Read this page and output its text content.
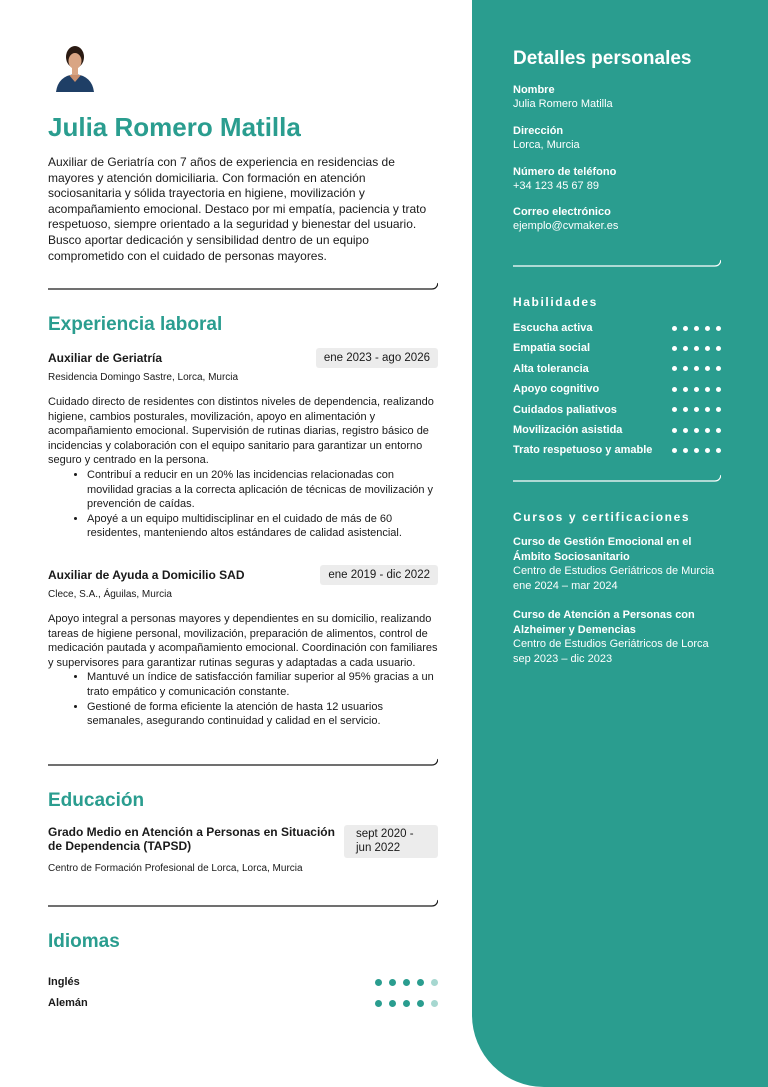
Julia Romero Matilla

Auxiliar de Geriatría con 7 años de experiencia en residencias de mayores y atención domiciliaria. Con formación en atención sociosanitaria y sólida trayectoria en higiene, movilización y acompañamiento emocional. Destaco por mi empatía, paciencia y trato respetuoso, siempre orientado a la seguridad y bienestar del usuario. Busco aportar dedicación y sensibilidad dentro de un equipo comprometido con el cuidado de personas mayores.

Experiencia laboral
Auxiliar de Geriatría	ene 2023 - ago 2026
Residencia Domingo Sastre, Lorca, Murcia
Cuidado directo de residentes con distintos niveles de dependencia, realizando higiene, cambios posturales, movilización, apoyo en alimentación y acompañamiento emocional. Supervisión de rutinas diarias, registro básico de incidencias y colaboración con el equipo sanitario para garantizar un entorno seguro y centrado en la persona.
• Contribuí a reducir en un 20% las incidencias relacionadas con movilidad gracias a la correcta aplicación de técnicas de movilización y prevención de caídas.
• Apoyé a un equipo multidisciplinar en el cuidado de más de 60 residentes, manteniendo altos estándares de calidad asistencial.
Auxiliar de Ayuda a Domicilio SAD	ene 2019 - dic 2022
Clece, S.A., Águilas, Murcia
Apoyo integral a personas mayores y dependientes en su domicilio, realizando tareas de higiene personal, movilización, preparación de alimentos, control de medicación pautada y acompañamiento emocional. Coordinación con familiares y supervisores para garantizar rutinas seguras y adaptadas a cada usuario.
• Mantuvé un índice de satisfacción familiar superior al 95% gracias a un trato empático y comunicación constante.
• Gestioné de forma eficiente la atención de hasta 12 usuarios semanales, asegurando continuidad y calidad en el servicio.
Educación
Grado Medio en Atención a Personas en Situación de Dependencia (TAPSD)
sept 2020 - jun 2022
Centro de Formación Profesional de Lorca, Lorca, Murcia
Idiomas
Inglés
Alemán
Detalles personales
Nombre
Julia Romero Matilla
Dirección
Lorca, Murcia
Número de teléfono
+34 123 45 67 89
Correo electrónico
ejemplo@cvmaker.es
Habilidades
Escucha activa
Empatia social
Alta tolerancia
Apoyo cognitivo
Cuidados paliativos
Movilización asistida
Trato respetuoso y amable
Cursos y certificaciones
Curso de Gestión Emocional en el Ámbito Sociosanitario
Centro de Estudios Geriátricos de Murcia
ene 2024 – mar 2024
Curso de Atención a Personas con Alzheimer y Demencias
Centro de Estudios Geriátricos de Lorca
sep 2023 – dic 2023
